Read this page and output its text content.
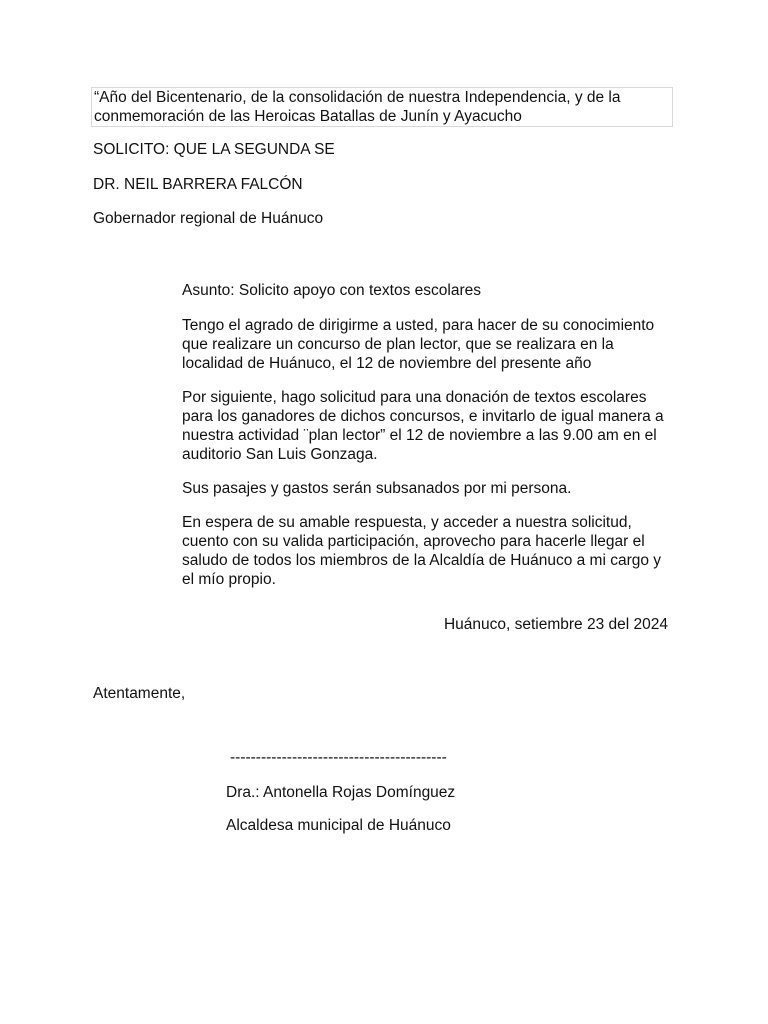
“Año del Bicentenario, de la consolidación de nuestra Independencia, y de la conmemoración de las Heroicas Batallas de Junín y Ayacucho

SOLICITO: QUE LA SEGUNDA SE

DR. NEIL BARRERA FALCÓN

Gobernador regional de Huánuco

Asunto: Solicito apoyo con textos escolares

Tengo el agrado de dirigirme a usted, para hacer de su conocimiento que realizare un concurso de plan lector, que se realizara en la localidad de Huánuco, el 12 de noviembre del presente año

Por siguiente, hago solicitud para una donación de textos escolares para los ganadores de dichos concursos, e invitarlo de igual manera a nuestra actividad ¨plan lector” el 12 de noviembre a las 9.00 am en el auditorio San Luis Gonzaga.

Sus pasajes y gastos serán subsanados por mi persona.

En espera de su amable respuesta, y acceder a nuestra solicitud, cuento con su valida participación, aprovecho para hacerle llegar el saludo de todos los miembros de la Alcaldía de Huánuco a mi cargo y el mío propio.

Huánuco, setiembre 23 del 2024

Atentamente,

------------------------------------------

Dra.: Antonella Rojas Domínguez

Alcaldesa municipal de Huánuco
